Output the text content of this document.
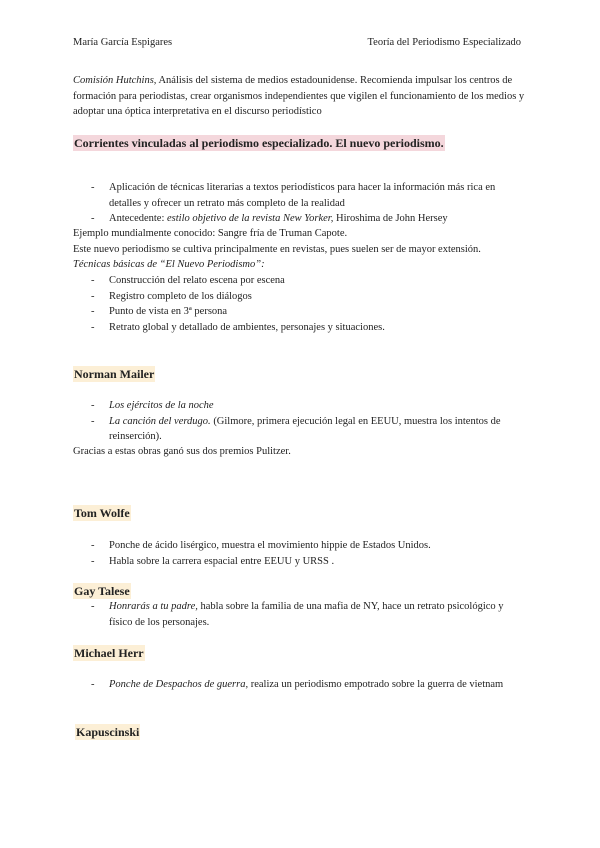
María García Espigares	Teoría del Periodismo Especializado

Comisión Hutchins, Análisis del sistema de medios estadounidense. Recomienda impulsar los centros de formación para periodistas, crear organismos independientes que vigilen el funcionamiento de los medios y adoptar una óptica interpretativa en el discurso periodístico

Corrientes vinculadas al periodismo especializado. El nuevo periodismo.
- Aplicación de técnicas literarias a textos periodísticos para hacer la información más rica en detalles y ofrecer un retrato más completo de la realidad
- Antecedente: estilo objetivo de la revista New Yorker, Hiroshima de John Hersey

Ejemplo mundialmente conocido: Sangre fría de Truman Capote.

Este nuevo periodismo se cultiva principalmente en revistas, pues suelen ser de mayor extensión.

Técnicas básicas de “El Nuevo Periodismo”:

- Construcción del relato escena por escena
- Registro completo de los diálogos
- Punto de vista en 3ª persona
- Retrato global y detallado de ambientes, personajes y situaciones.
Norman Mailer
- Los ejércitos de la noche
- La canción del verdugo. (Gilmore, primera ejecución legal en EEUU, muestra los intentos de reinserción).

Gracias a estas obras ganó sus dos premios Pulitzer.

Tom Wolfe
- Ponche de ácido lisérgico, muestra el movimiento hippie de Estados Unidos.
- Habla sobre la carrera espacial entre EEUU y URSS .
Gay Talese
- Honrarás a tu padre, habla sobre la familia de una mafia de NY, hace un retrato psicológico y físico de los personajes.
Michael Herr
- Ponche de Despachos de guerra, realiza un periodismo empotrado sobre la guerra de vietnam
Kapuscinski
